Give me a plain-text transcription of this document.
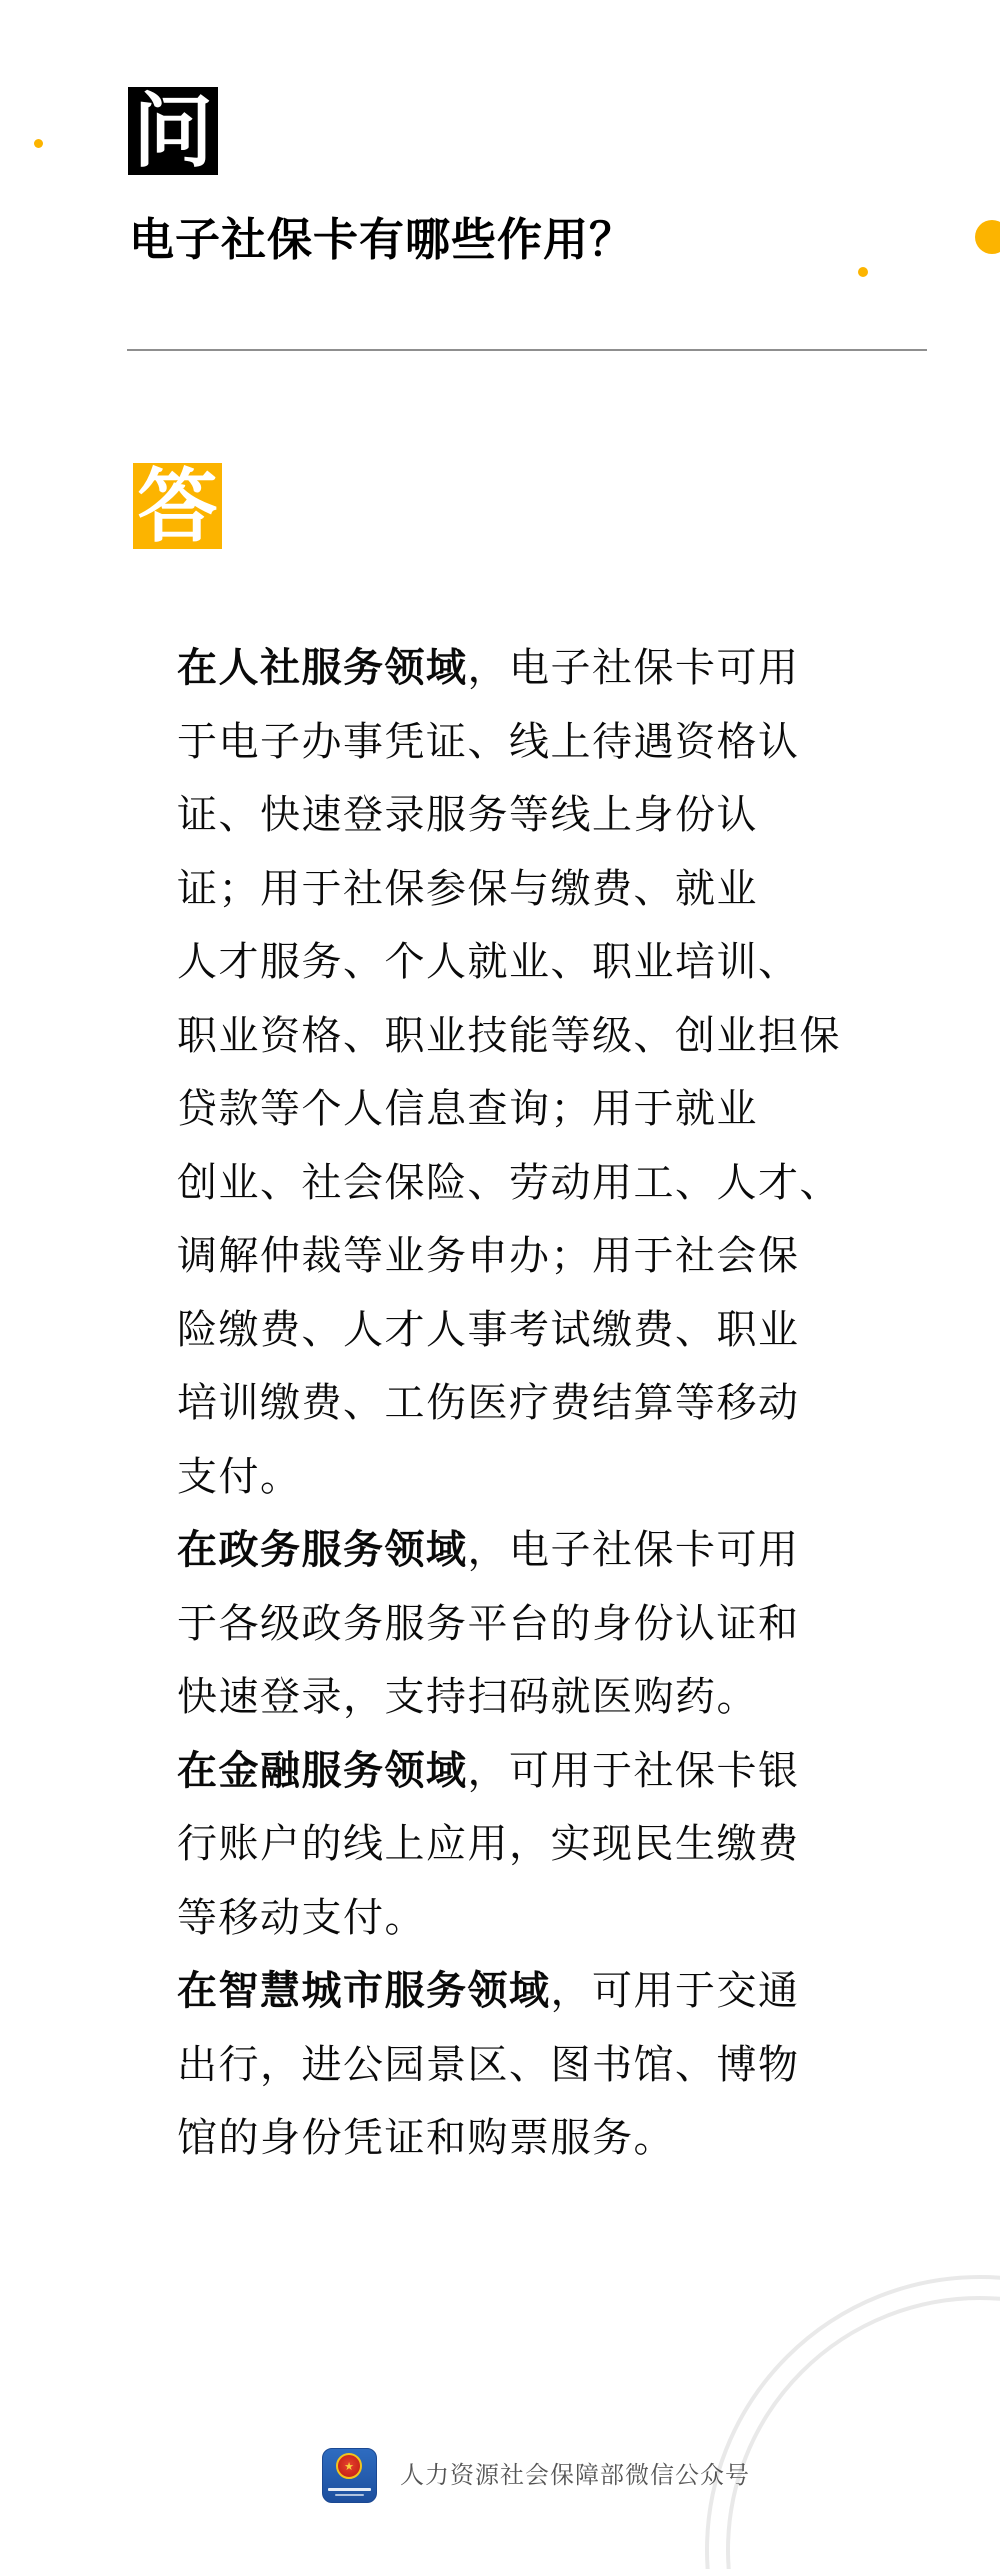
问
电子社保卡有哪些作用？
答
在人社服务领域，电子社保卡可用
于电子办事凭证、线上待遇资格认
证、快速登录服务等线上身份认
证；用于社保参保与缴费、就业
人才服务、个人就业、职业培训、
职业资格、职业技能等级、创业担保
贷款等个人信息查询；用于就业
创业、社会保险、劳动用工、人才、
调解仲裁等业务申办；用于社会保
险缴费、人才人事考试缴费、职业
培训缴费、工伤医疗费结算等移动
支付。
在政务服务领域，电子社保卡可用
于各级政务服务平台的身份认证和
快速登录，支持扫码就医购药。
在金融服务领域，可用于社保卡银
行账户的线上应用，实现民生缴费
等移动支付。
在智慧城市服务领域，可用于交通
出行，进公园景区、图书馆、博物
馆的身份凭证和购票服务。
★ 人力资源社会保障部微信公众号
